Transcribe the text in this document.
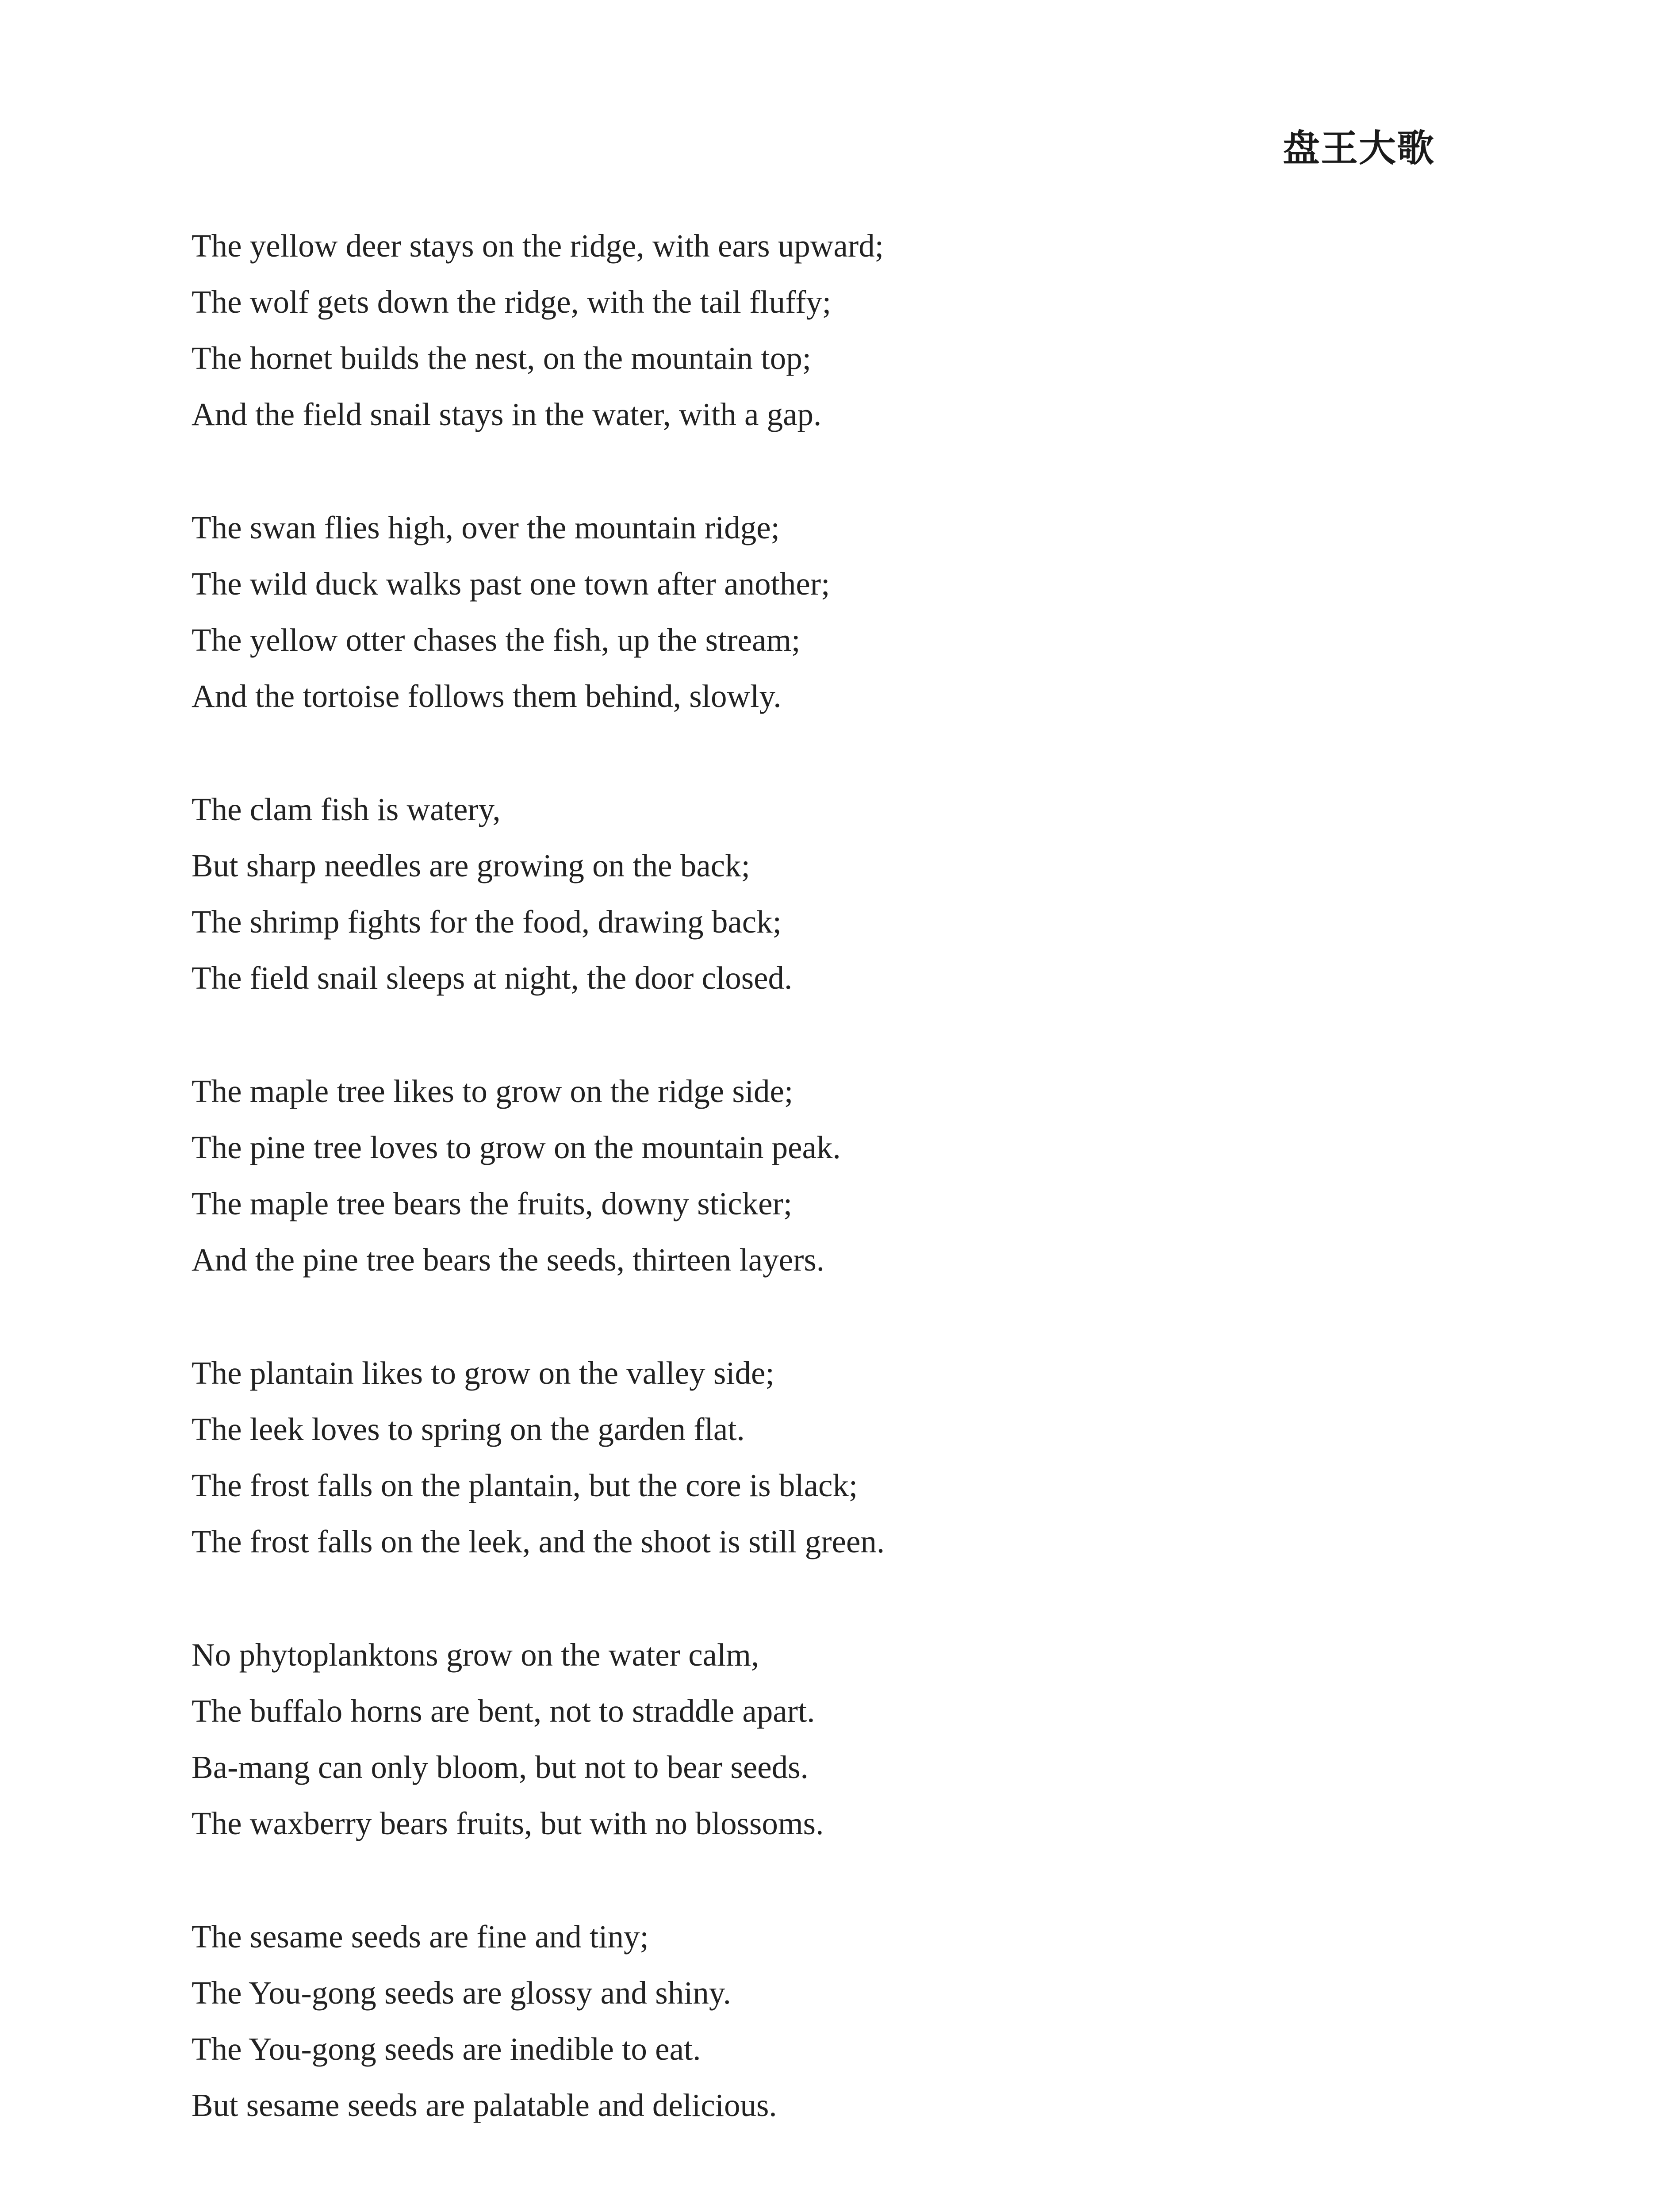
盘王大歌
The yellow deer stays on the ridge, with ears upward;
The wolf gets down the ridge, with the tail fluffy;
The hornet builds the nest, on the mountain top;
And the field snail stays in the water, with a gap.
The swan flies high, over the mountain ridge;
The wild duck walks past one town after another;
The yellow otter chases the fish, up the stream;
And the tortoise follows them behind, slowly.
The clam fish is watery,
But sharp needles are growing on the back;
The shrimp fights for the food, drawing back;
The field snail sleeps at night, the door closed.
The maple tree likes to grow on the ridge side;
The pine tree loves to grow on the mountain peak.
The maple tree bears the fruits, downy sticker;
And the pine tree bears the seeds, thirteen layers.
The plantain likes to grow on the valley side;
The leek loves to spring on the garden flat.
The frost falls on the plantain, but the core is black;
The frost falls on the leek, and the shoot is still green.
No phytoplanktons grow on the water calm,
The buffalo horns are bent, not to straddle apart.
Ba-mang can only bloom, but not to bear seeds.
The waxberry bears fruits, but with no blossoms.
The sesame seeds are fine and tiny;
The You-gong seeds are glossy and shiny.
The You-gong seeds are inedible to eat.
But sesame seeds are palatable and delicious.
